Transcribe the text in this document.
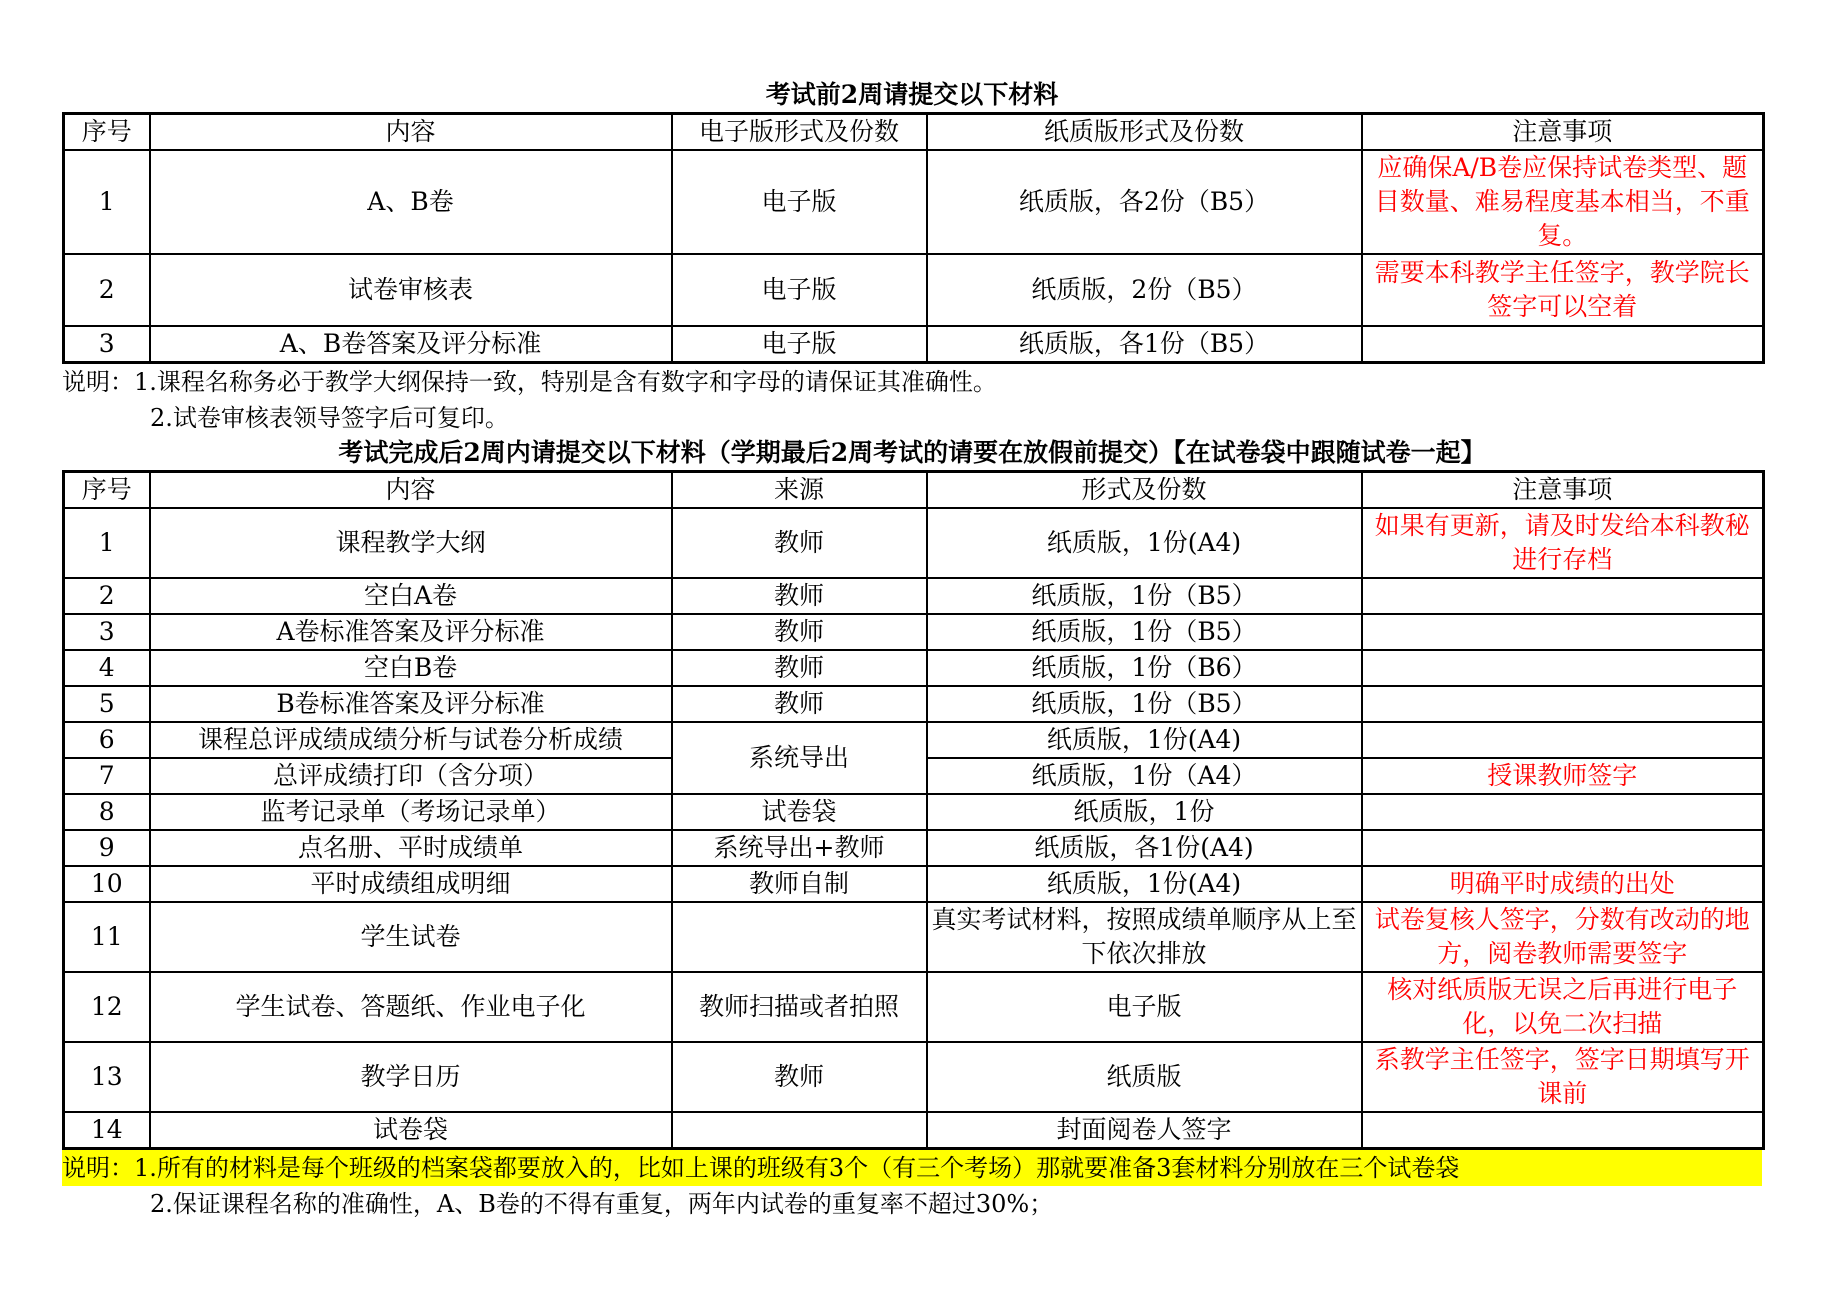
考试前2周请提交以下材料
序号	内容	电子版形式及份数	纸质版形式及份数	注意事项
1	A、B卷	电子版	纸质版，各2份（B5）	应确保A/B卷应保持试卷类型、题目数量、难易程度基本相当，不重复。
2	试卷审核表	电子版	纸质版，2份（B5）	需要本科教学主任签字，教学院长签字可以空着
3	A、B卷答案及评分标准	电子版	纸质版，各1份（B5）	
说明：1.课程名称务必于教学大纲保持一致，特别是含有数字和字母的请保证其准确性。
2.试卷审核表领导签字后可复印。
考试完成后2周内请提交以下材料（学期最后2周考试的请要在放假前提交）【在试卷袋中跟随试卷一起】
序号	内容	来源	形式及份数	注意事项
1	课程教学大纲	教师	纸质版，1份(A4)	如果有更新，请及时发给本科教秘进行存档
2	空白A卷	教师	纸质版，1份（B5）	
3	A卷标准答案及评分标准	教师	纸质版，1份（B5）	
4	空白B卷	教师	纸质版，1份（B6）	
5	B卷标准答案及评分标准	教师	纸质版，1份（B5）	
6	课程总评成绩成绩分析与试卷分析成绩	系统导出	纸质版，1份(A4)	
7	总评成绩打印（含分项）		纸质版，1份（A4）	授课教师签字
8	监考记录单（考场记录单）	试卷袋	纸质版，1份	
9	点名册、平时成绩单	系统导出+教师	纸质版，各1份(A4)	
10	平时成绩组成明细	教师自制	纸质版，1份(A4)	明确平时成绩的出处
11	学生试卷		真实考试材料，按照成绩单顺序从上至下依次排放	试卷复核人签字，分数有改动的地方，阅卷教师需要签字
12	学生试卷、答题纸、作业电子化	教师扫描或者拍照	电子版	核对纸质版无误之后再进行电子化，以免二次扫描
13	教学日历	教师	纸质版	系教学主任签字，签字日期填写开课前
14	试卷袋		封面阅卷人签字	
说明：1.所有的材料是每个班级的档案袋都要放入的，比如上课的班级有3个（有三个考场）那就要准备3套材料分别放在三个试卷袋
2.保证课程名称的准确性，A、B卷的不得有重复，两年内试卷的重复率不超过30%；
